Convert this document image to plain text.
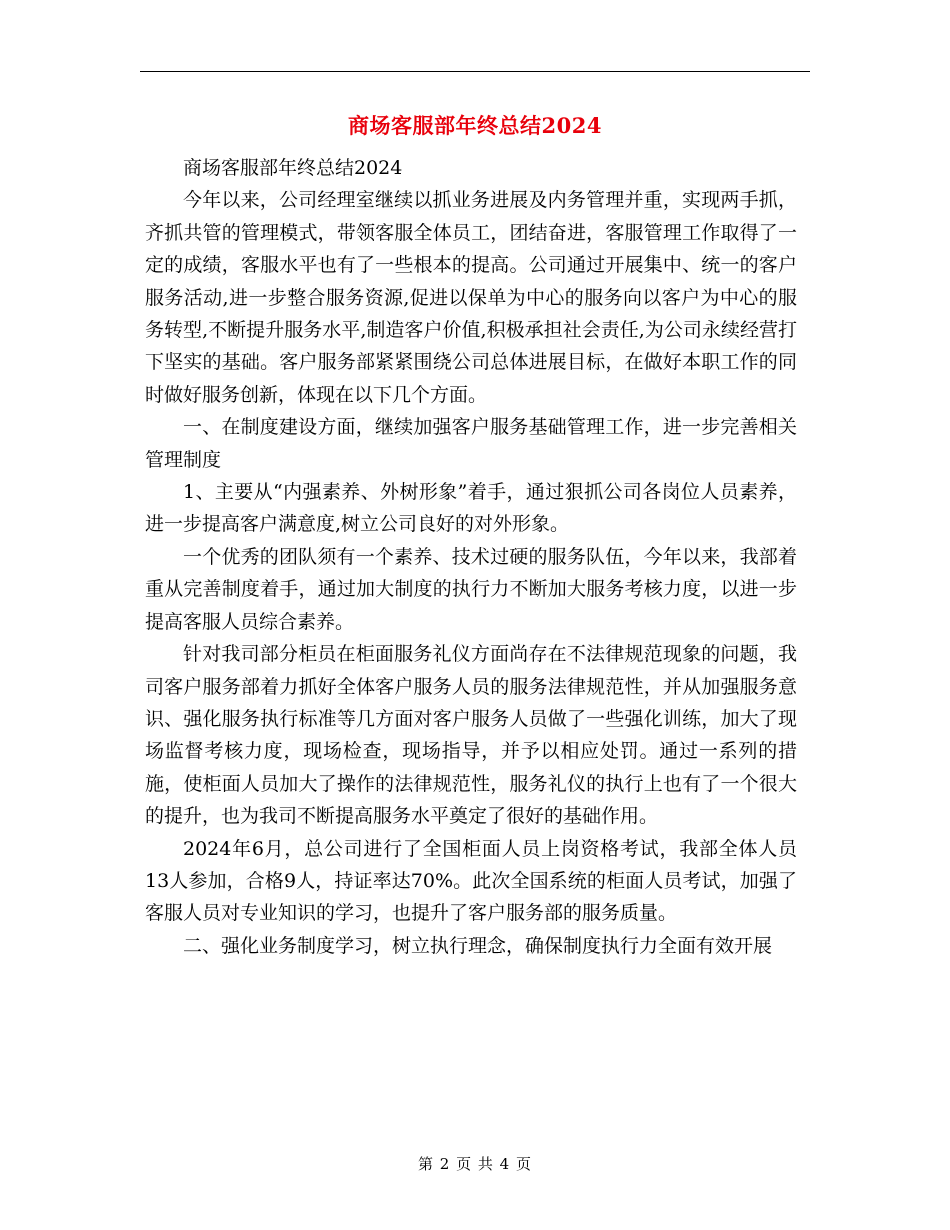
商场客服部年终总结2024

商场客服部年终总结2024

今年以来，公司经理室继续以抓业务进展及内务管理并重，实现两手抓，齐抓共管的管理模式，带领客服全体员工，团结奋进，客服管理工作取得了一定的成绩，客服水平也有了一些根本的提高。公司通过开展集中、统一的客户服务活动,进一步整合服务资源,促进以保单为中心的服务向以客户为中心的服务转型,不断提升服务水平,制造客户价值,积极承担社会责任,为公司永续经营打下坚实的基础。客户服务部紧紧围绕公司总体进展目标，在做好本职工作的同时做好服务创新，体现在以下几个方面。

一、在制度建设方面，继续加强客户服务基础管理工作，进一步完善相关管理制度

1、主要从“内强素养、外树形象”着手，通过狠抓公司各岗位人员素养，进一步提高客户满意度,树立公司良好的对外形象。

一个优秀的团队须有一个素养、技术过硬的服务队伍，今年以来，我部着重从完善制度着手，通过加大制度的执行力不断加大服务考核力度，以进一步提高客服人员综合素养。

针对我司部分柜员在柜面服务礼仪方面尚存在不法律规范现象的问题，我司客户服务部着力抓好全体客户服务人员的服务法律规范性，并从加强服务意识、强化服务执行标准等几方面对客户服务人员做了一些强化训练，加大了现场监督考核力度，现场检查，现场指导，并予以相应处罚。通过一系列的措施，使柜面人员加大了操作的法律规范性，服务礼仪的执行上也有了一个很大的提升，也为我司不断提高服务水平奠定了很好的基础作用。

2024年6月，总公司进行了全国柜面人员上岗资格考试，我部全体人员13人参加，合格9人，持证率达70%。此次全国系统的柜面人员考试，加强了客服人员对专业知识的学习，也提升了客户服务部的服务质量。

二、强化业务制度学习，树立执行理念，确保制度执行力全面有效开展

第 2 页 共 4 页
